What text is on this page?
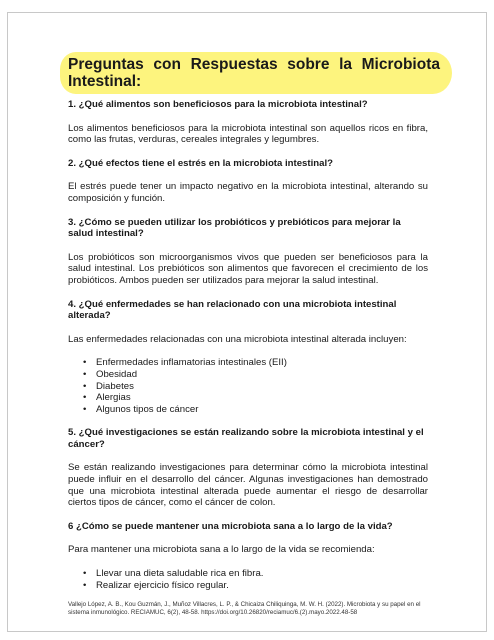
Preguntas con Respuestas sobre la Microbiota Intestinal:
1. ¿Qué alimentos son beneficiosos para la microbiota intestinal?

Los alimentos beneficiosos para la microbiota intestinal son aquellos ricos en fibra, como las frutas, verduras, cereales integrales y legumbres.

2. ¿Qué efectos tiene el estrés en la microbiota intestinal?

El estrés puede tener un impacto negativo en la microbiota intestinal, alterando su composición y función.

3. ¿Cómo se pueden utilizar los probióticos y prebióticos para mejorar la salud intestinal?

Los probióticos son microorganismos vivos que pueden ser beneficiosos para la salud intestinal. Los prebióticos son alimentos que favorecen el crecimiento de los probióticos. Ambos pueden ser utilizados para mejorar la salud intestinal.

4. ¿Qué enfermedades se han relacionado con una microbiota intestinal alterada?

Las enfermedades relacionadas con una microbiota intestinal alterada incluyen:

• Enfermedades inflamatorias intestinales (EII)
• Obesidad
• Diabetes
• Alergias
• Algunos tipos de cáncer
5. ¿Qué investigaciones se están realizando sobre la microbiota intestinal y el cáncer?

Se están realizando investigaciones para determinar cómo la microbiota intestinal puede influir en el desarrollo del cáncer. Algunas investigaciones han demostrado que una microbiota intestinal alterada puede aumentar el riesgo de desarrollar ciertos tipos de cáncer, como el cáncer de colon.

6 ¿Cómo se puede mantener una microbiota sana a lo largo de la vida?

Para mantener una microbiota sana a lo largo de la vida se recomienda:

• Llevar una dieta saludable rica en fibra.
• Realizar ejercicio físico regular.
Vallejo López, A. B., Kou Guzmán, J., Muñoz Villacres, L. P., & Chicaiza Chiliquinga, M. W. H. (2022). Microbiota y su papel en el sistema inmunológico. RECIAMUC, 6(2), 48-58. https://doi.org/10.26820/reciamuc/6.(2).mayo.2022.48-58
